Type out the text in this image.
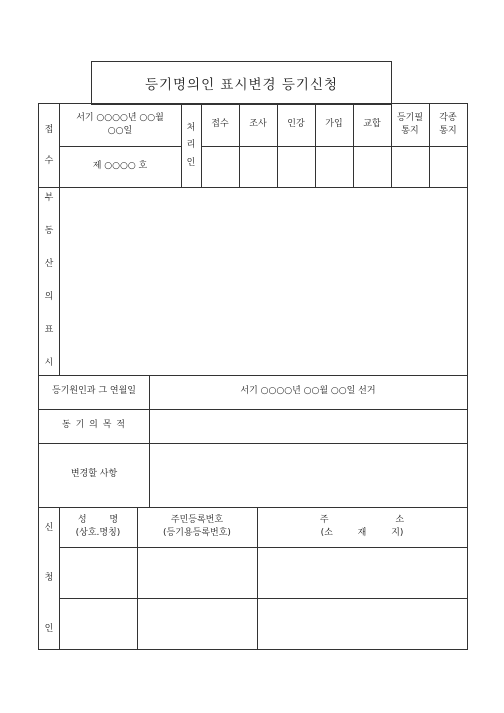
등기명의인 표시변경 등기신청
접
수
서기 ○○○○년 ○○월
○○일
제 ○○○○ 호
처
리
인
접수 조사 인강 가입 교합
등기필
통지
각종
통지
부
동
산
의
표
시
등기원인과 그 연월일	서기 ○○○○년 ○○월 ○○일 선거
동 기 의 목 적
변경할 사항
신
청
인
성 명
(상호.명칭)
주민등록번호
(등기용등록번호)
주 소
(소 재 지)
